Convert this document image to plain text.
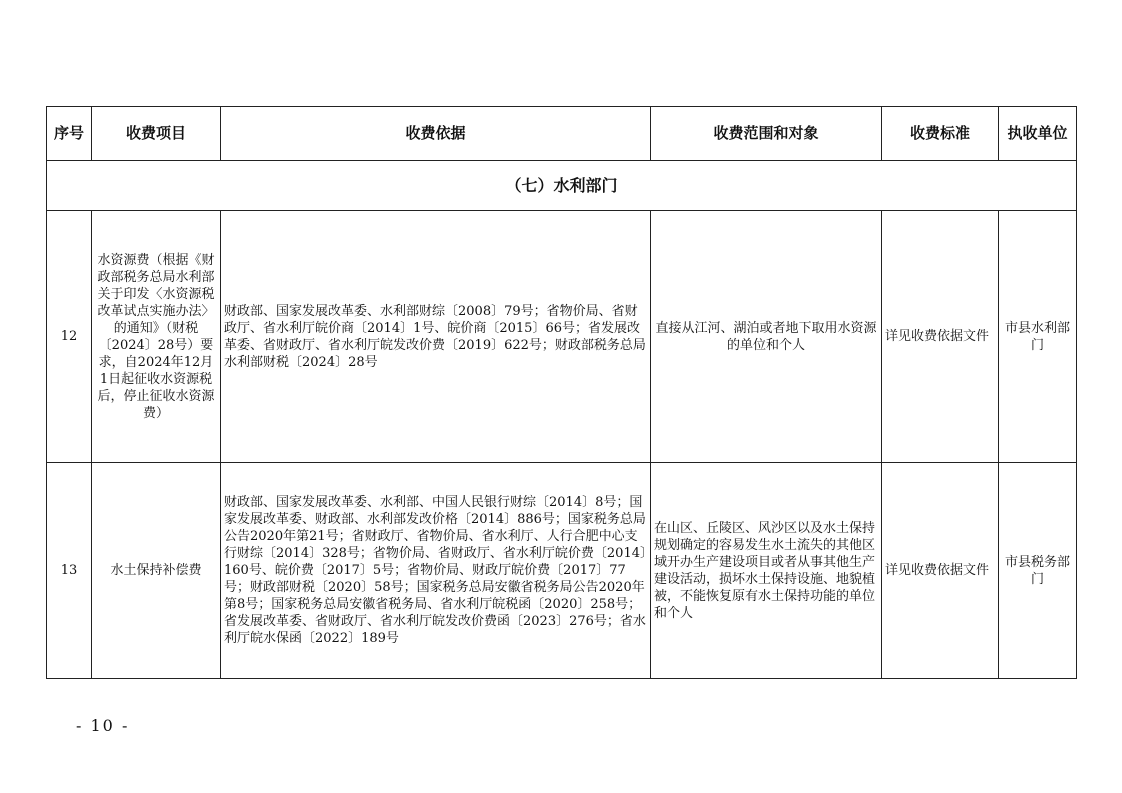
序号	收费项目	收费依据	收费范围和对象	收费标准	执收单位
（七）水利部门					
12	水资源费（根据《财政部税务总局水利部关于印发〈水资源税改革试点实施办法〉的通知》（财税〔2024〕28号）要求，自2024年12月1日起征收水资源税后，停止征收水资源费）	财政部、国家发展改革委、水利部财综〔2008〕79号；省物价局、省财政厅、省水利厅皖价商〔2014〕1号、皖价商〔2015〕66号；省发展改革委、省财政厅、省水利厅皖发改价费〔2019〕622号；财政部税务总局水利部财税〔2024〕28号	直接从江河、湖泊或者地下取用水资源的单位和个人	详见收费依据文件	市县水利部门
13	水土保持补偿费	财政部、国家发展改革委、水利部、中国人民银行财综〔2014〕8号；国家发展改革委、财政部、水利部发改价格〔2014〕886号；国家税务总局公告2020年第21号；省财政厅、省物价局、省水利厅、人行合肥中心支行财综〔2014〕328号；省物价局、省财政厅、省水利厅皖价费〔2014〕160号、皖价费〔2017〕5号；省物价局、财政厅皖价费〔2017〕77号；财政部财税〔2020〕58号；国家税务总局安徽省税务局公告2020年第8号；国家税务总局安徽省税务局、省水利厅皖税函〔2020〕258号；省发展改革委、省财政厅、省水利厅皖发改价费函〔2023〕276号；省水利厅皖水保函〔2022〕189号	在山区、丘陵区、风沙区以及水土保持规划确定的容易发生水土流失的其他区域开办生产建设项目或者从事其他生产建设活动，损坏水土保持设施、地貌植被，不能恢复原有水土保持功能的单位和个人	详见收费依据文件	市县税务部门
- 10 -
